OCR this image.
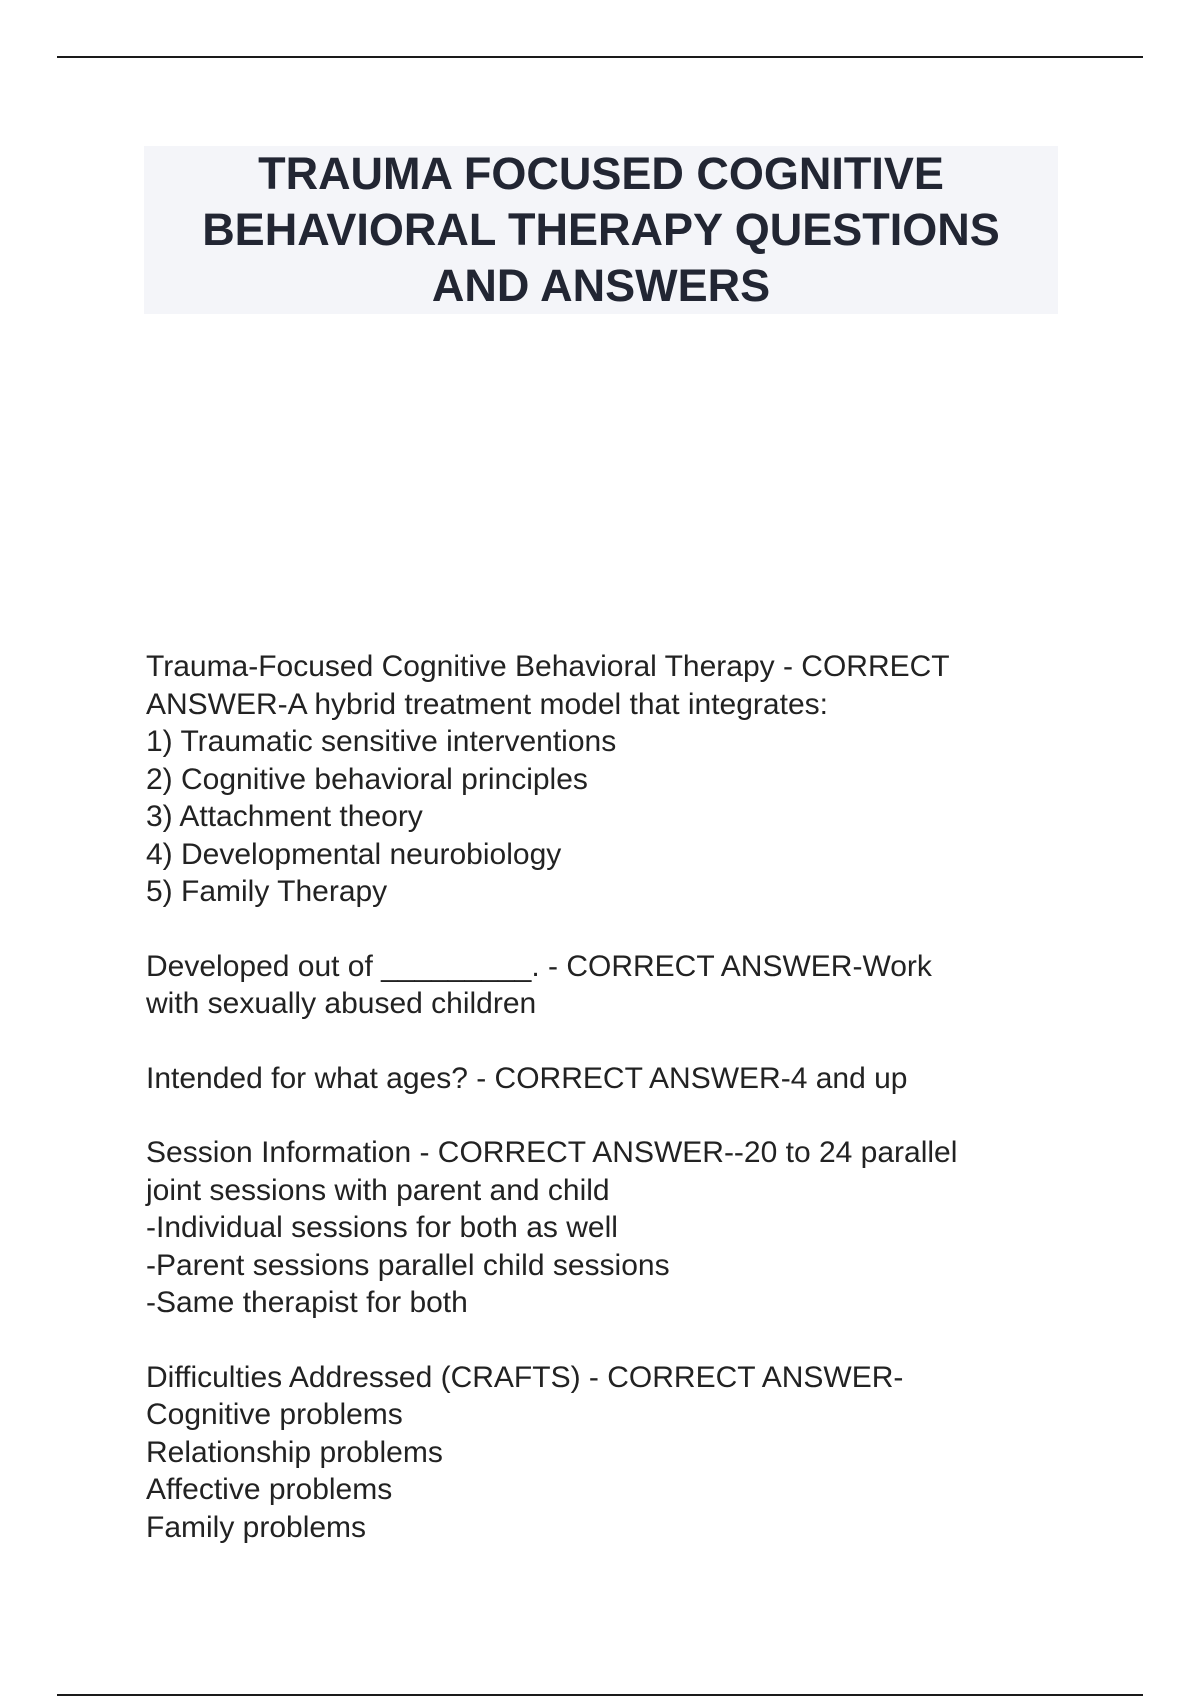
TRAUMA FOCUSED COGNITIVE
BEHAVIORAL THERAPY QUESTIONS
AND ANSWERS
Trauma-Focused Cognitive Behavioral Therapy - CORRECT
ANSWER-A hybrid treatment model that integrates:
1) Traumatic sensitive interventions
2) Cognitive behavioral principles
3) Attachment theory
4) Developmental neurobiology
5) Family Therapy
Developed out of _________. - CORRECT ANSWER-Work
with sexually abused children
Intended for what ages? - CORRECT ANSWER-4 and up
Session Information - CORRECT ANSWER--20 to 24 parallel
joint sessions with parent and child
-Individual sessions for both as well
-Parent sessions parallel child sessions
-Same therapist for both
Difficulties Addressed (CRAFTS) - CORRECT ANSWER-
Cognitive problems
Relationship problems
Affective problems
Family problems
